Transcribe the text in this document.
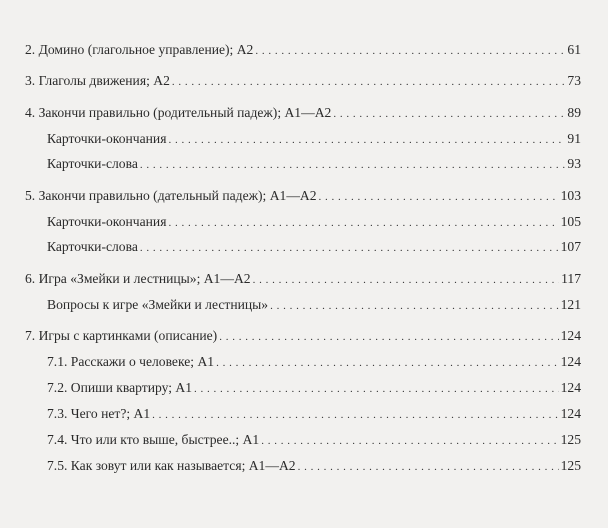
2. Домино (глагольное управление); А2 . . .	61
3. Глаголы движения; А2 . . .	73
4. Закончи правильно (родительный падеж); А1—А2 . . .	89
Карточки-окончания . . .	91
Карточки-слова . . .	93
5. Закончи правильно (дательный падеж); А1—А2 . . .	103
Карточки-окончания . . .	105
Карточки-слова . . .	107
6. Игра «Змейки и лестницы»; А1—А2 . . .	117
Вопросы к игре «Змейки и лестницы» . . .	121
7. Игры с картинками (описание) . . .	124
7.1. Расскажи о человеке; А1 . . .	124
7.2. Опиши квартиру; А1 . . .	124
7.3. Чего нет?; А1 . . .	124
7.4. Что или кто выше, быстрее..; А1 . . .	125
7.5. Как зовут или как называется; А1—А2 . . .	125
